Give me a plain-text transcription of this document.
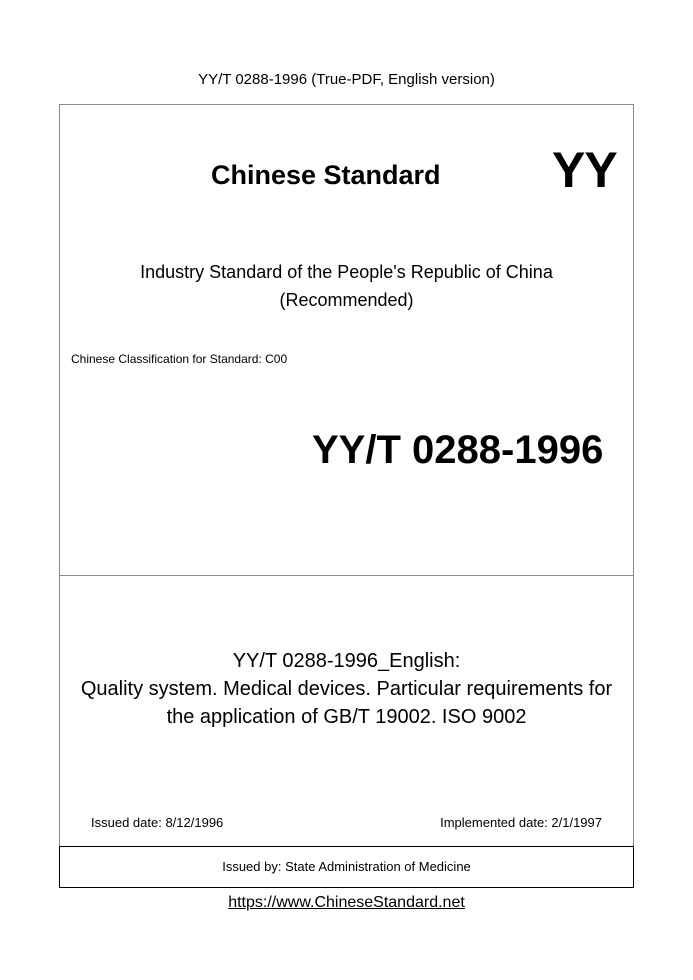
YY/T 0288-1996 (True-PDF, English version)
Chinese Standard YY
Industry Standard of the People's Republic of China
(Recommended)
Chinese Classification for Standard: C00
YY/T 0288-1996
YY/T 0288-1996_English:
Quality system. Medical devices. Particular requirements for
the application of GB/T 19002. ISO 9002
Issued date: 8/12/1996	Implemented date: 2/1/1997
Issued by: State Administration of Medicine
https://www.ChineseStandard.net
